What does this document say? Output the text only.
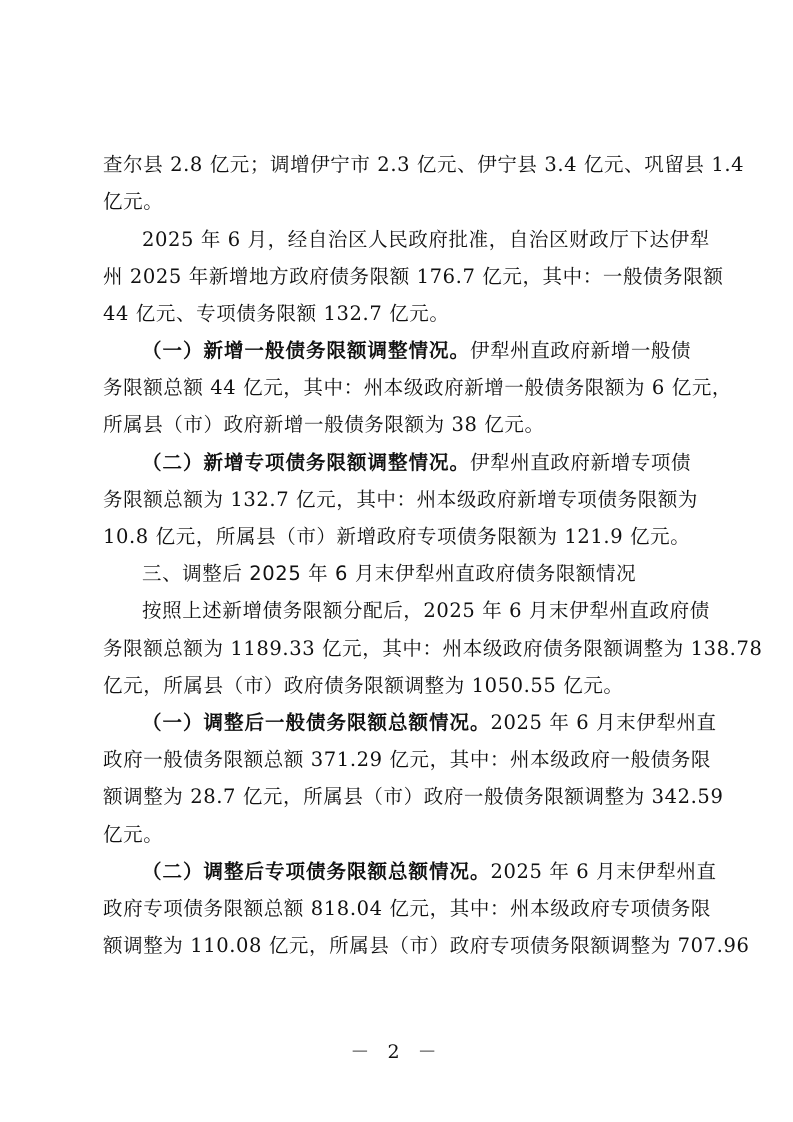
查尔县 2.8 亿元；调增伊宁市 2.3 亿元、伊宁县 3.4 亿元、巩留县 1.4
亿元。
2025 年 6 月，经自治区人民政府批准，自治区财政厅下达伊犁
州 2025 年新增地方政府债务限额 176.7 亿元，其中：一般债务限额
44 亿元、专项债务限额 132.7 亿元。
（一）新增一般债务限额调整情况。伊犁州直政府新增一般债
务限额总额 44 亿元，其中：州本级政府新增一般债务限额为 6 亿元，
所属县（市）政府新增一般债务限额为 38 亿元。
（二）新增专项债务限额调整情况。伊犁州直政府新增专项债
务限额总额为 132.7 亿元，其中：州本级政府新增专项债务限额为
10.8 亿元，所属县（市）新增政府专项债务限额为 121.9 亿元。
三、调整后 2025 年 6 月末伊犁州直政府债务限额情况
按照上述新增债务限额分配后，2025 年 6 月末伊犁州直政府债
务限额总额为 1189.33 亿元，其中：州本级政府债务限额调整为 138.78
亿元，所属县（市）政府债务限额调整为 1050.55 亿元。
（一）调整后一般债务限额总额情况。2025 年 6 月末伊犁州直
政府一般债务限额总额 371.29 亿元，其中：州本级政府一般债务限
额调整为 28.7 亿元，所属县（市）政府一般债务限额调整为 342.59
亿元。
（二）调整后专项债务限额总额情况。2025 年 6 月末伊犁州直
政府专项债务限额总额 818.04 亿元，其中：州本级政府专项债务限
额调整为 110.08 亿元，所属县（市）政府专项债务限额调整为 707.96
－ 2 －
